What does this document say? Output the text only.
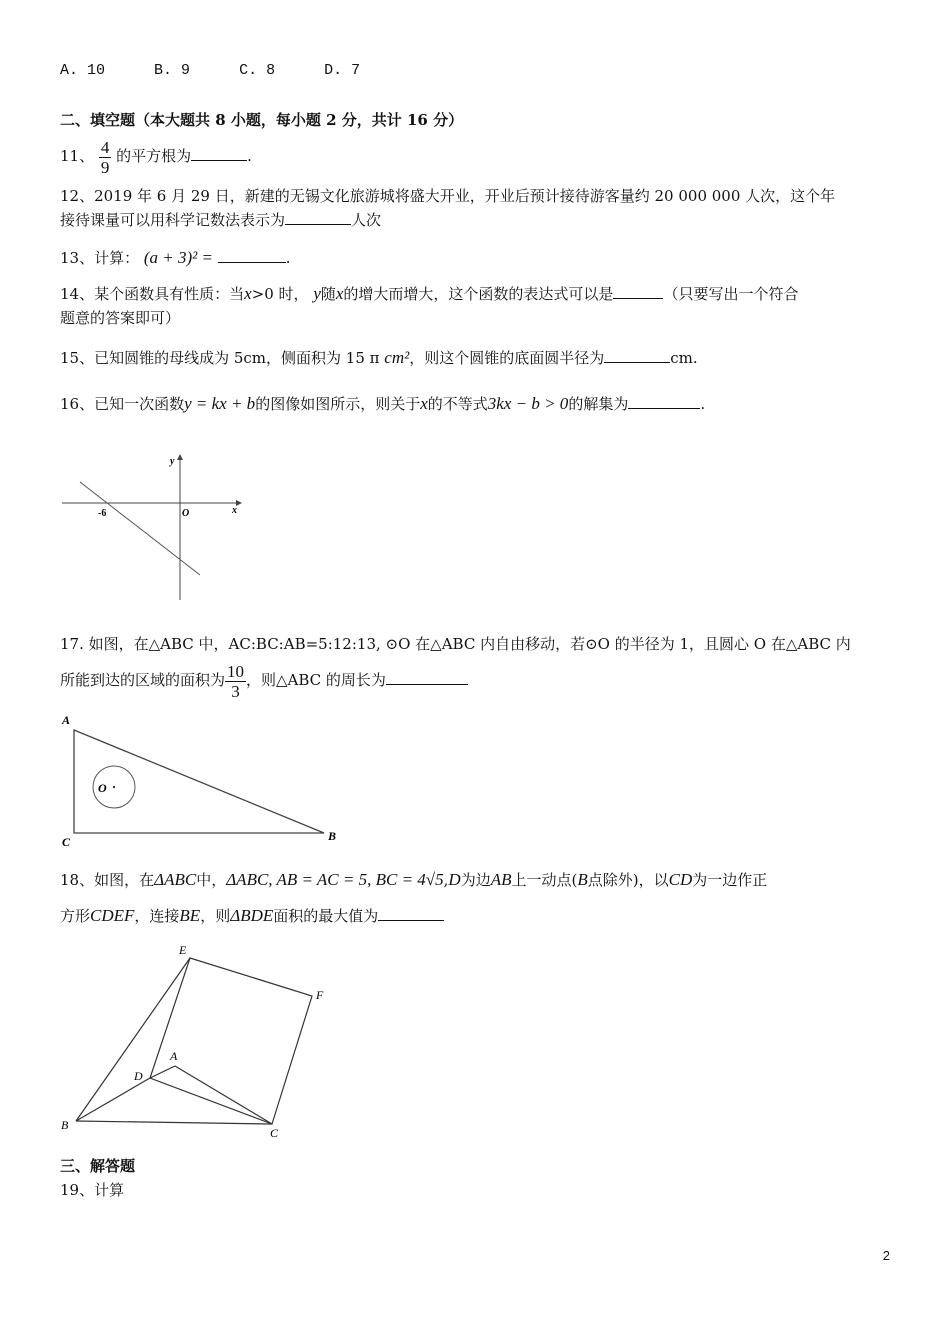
A. 10	B. 9	C. 8	D. 7
二、填空题（本大题共 8 小题，每小题 2 分，共计 16 分）
11、 $\frac{4}{9}$ 的平方根为	.
12、2019 年 6 月 29 日，新建的无锡文化旅游城将盛大开业，开业后预计接待游客量约 20 000 000 人次，这个年
接待课量可以用科学记数法表示为	人次
13、计算： (a + 3)² =	.
14、某个函数具有性质：当x>0 时， y随x的增大而增大，这个函数的表达式可以是	（只要写出一个符合
题意的答案即可）
15、已知圆锥的母线成为 5cm，侧面积为 15 π cm²，则这个圆锥的底面圆半径为	cm.
16、已知一次函数y = kx + b的图像如图所示，则关于x的不等式3kx − b > 0的解集为	.
y
x
O
-6
17. 如图，在△ABC 中，AC:BC:AB=5:12:13, ⊙O 在△ABC 内自由移动，若⊙O 的半径为 1，且圆心 O 在△ABC 内
所能到达的区域的面积为 $\frac{10}{3}$ ，则△ABC 的周长为
A
C	B
O
18、如图，在ΔABC中，ΔABC, AB = AC = 5, BC = 4√5,D为边AB上一动点(B点除外)，以CD为一边作正
方形CDEF，连接BE，则ΔBDE面积的最大值为
E
F
A
D
B
C
三、解答题
19、计算
2
